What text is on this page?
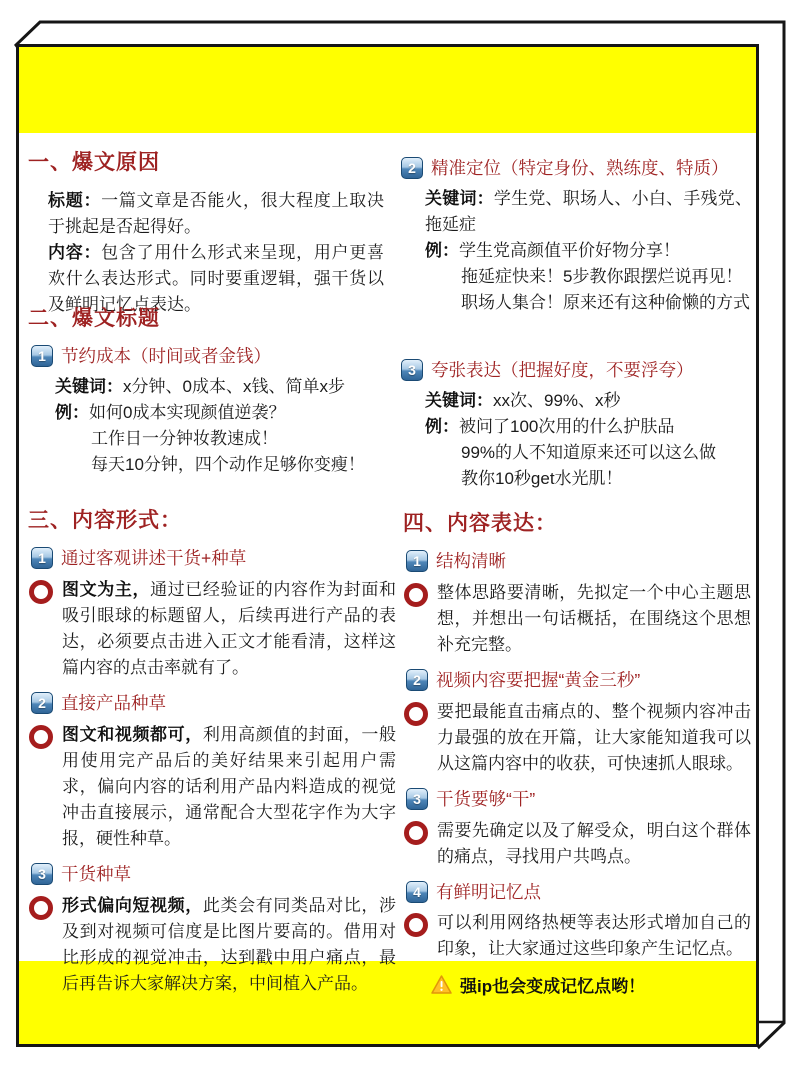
一、爆文原因

标题：一篇文章是否能火，很大程度上取决于挑起是否起得好。

内容：包含了用什么形式来呈现，用户更喜欢什么表达形式。同时要重逻辑，强干货以及鲜明记忆点表达。

2 精准定位（特定身份、熟练度、特质）

关键词：学生党、职场人、小白、手残党、拖延症

例：学生党高颜值平价好物分享！

拖延症快来！5步教你跟摆烂说再见！
职场人集合！原来还有这种偷懒的方式
二、爆文标题
1 节约成本（时间或者金钱）

关键词：x分钟、0成本、x钱、简单x步

例：如何0成本实现颜值逆袭？

工作日一分钟妆教速成！
每天10分钟，四个动作足够你变瘦！
3 夸张表达（把握好度，不要浮夸）

关键词：xx次、99%、x秒

例：被问了100次用的什么护肤品

99%的人不知道原来还可以这么做
教你10秒get水光肌！
三、内容形式：
1 通过客观讲述干货+种草
图文为主，通过已经验证的内容作为封面和吸引眼球的标题留人，后续再进行产品的表达，必须要点击进入正文才能看清，这样这篇内容的点击率就有了。
2 直接产品种草
图文和视频都可，利用高颜值的封面，一般用使用完产品后的美好结果来引起用户需求，偏向内容的话利用产品内料造成的视觉冲击直接展示，通常配合大型花字作为大字报，硬性种草。
3 干货种草
形式偏向短视频，此类会有同类品对比，涉及到对视频可信度是比图片要高的。借用对比形成的视觉冲击，达到戳中用户痛点，最后再告诉大家解决方案，中间植入产品。
四、内容表达：
1 结构清晰
整体思路要清晰，先拟定一个中心主题思想，并想出一句话概括，在围绕这个思想补充完整。
2 视频内容要把握“黄金三秒”
要把最能直击痛点的、整个视频内容冲击力最强的放在开篇，让大家能知道我可以从这篇内容中的收获，可快速抓人眼球。
3 干货要够“干”
需要先确定以及了解受众，明白这个群体的痛点，寻找用户共鸣点。
4 有鲜明记忆点
可以利用网络热梗等表达形式增加自己的印象，让大家通过这些印象产生记忆点。
强ip也会变成记忆点哟！
